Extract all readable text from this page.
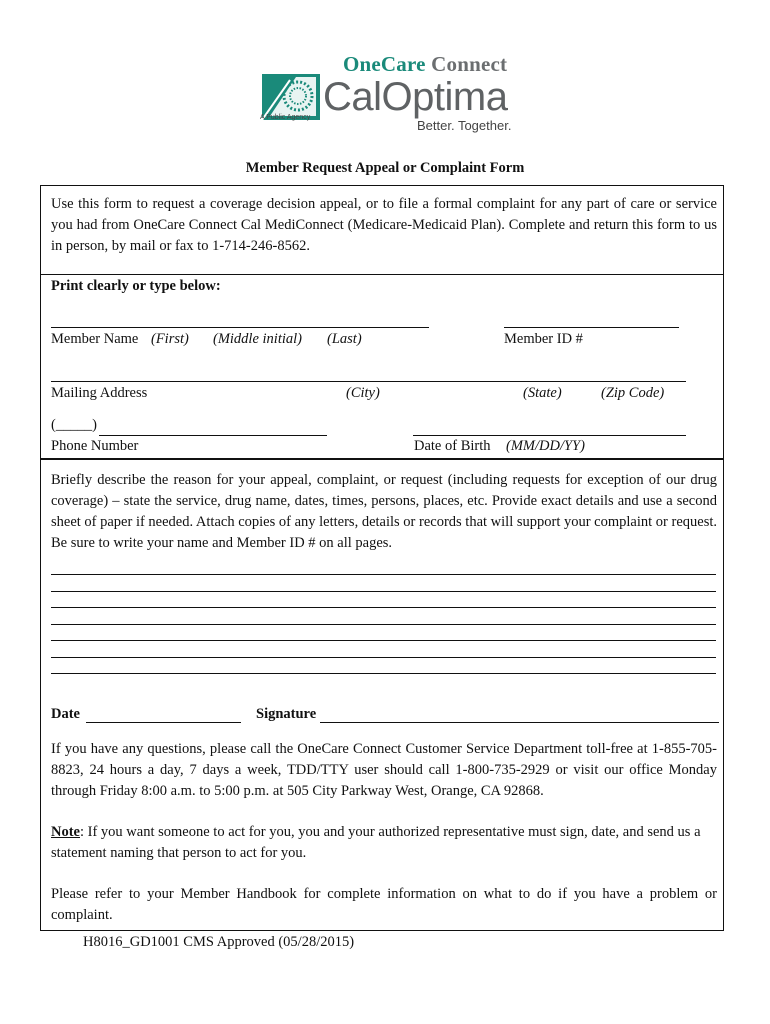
OneCare Connect
CalOptima
A Public Agency
Better. Together.
Member Request Appeal or Complaint Form
Use this form to request a coverage decision appeal, or to file a formal complaint for any part of care or service you had from OneCare Connect Cal MediConnect (Medicare-Medicaid Plan). Complete and return this form to us in person, by mail or fax to 1-714-246-8562.
Print clearly or type below:
Member Name (First) (Middle initial) (Last)	Member ID #
Mailing Address	(City)	(State)	(Zip Code)
(_____)
Phone Number	Date of Birth (MM/DD/YY)
Briefly describe the reason for your appeal, complaint, or request (including requests for exception of our drug coverage) – state the service, drug name, dates, times, persons, places, etc. Provide exact details and use a second sheet of paper if needed. Attach copies of any letters, details or records that will support your complaint or request. Be sure to write your name and Member ID # on all pages.
Date	Signature
If you have any questions, please call the OneCare Connect Customer Service Department toll-free at 1-855-705-8823, 24 hours a day, 7 days a week, TDD/TTY user should call 1-800-735-2929 or visit our office Monday through Friday 8:00 a.m. to 5:00 p.m. at 505 City Parkway West, Orange, CA 92868.
Note: If you want someone to act for you, you and your authorized representative must sign, date, and send us a statement naming that person to act for you.
Please refer to your Member Handbook for complete information on what to do if you have a problem or complaint.
H8016_GD1001 CMS Approved (05/28/2015)
